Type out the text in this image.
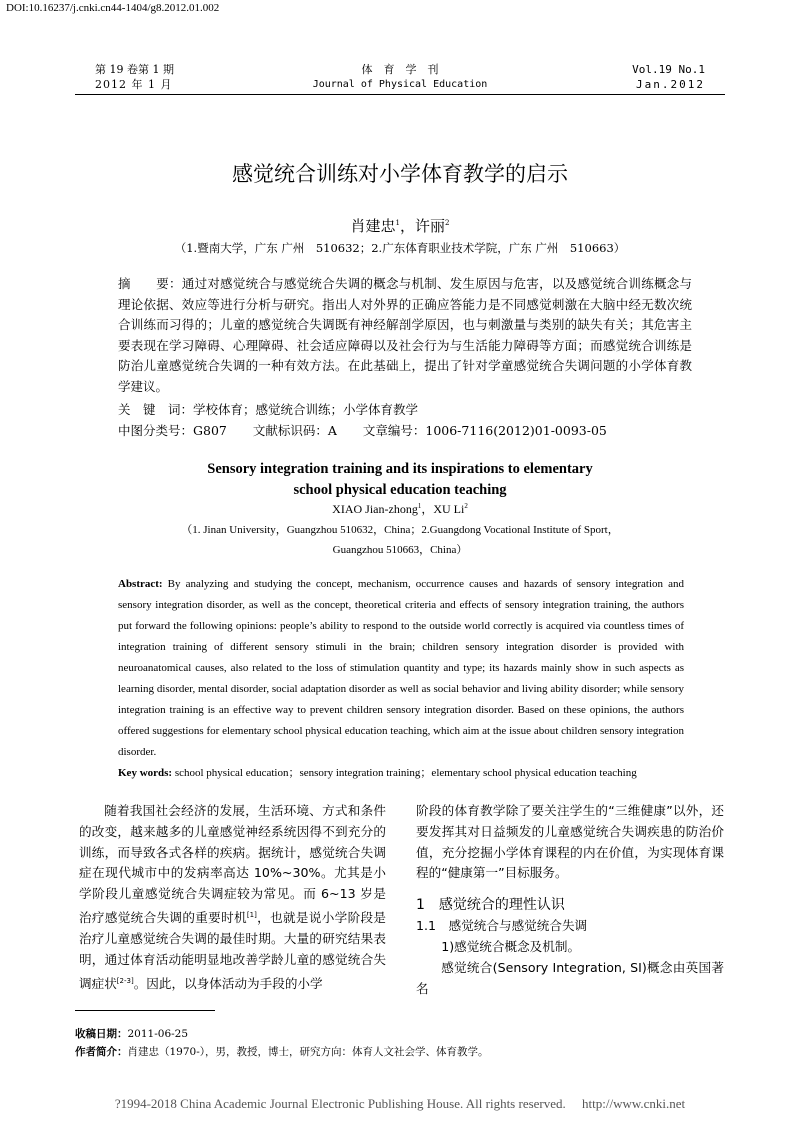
DOI:10.16237/j.cnki.cn44-1404/g8.2012.01.002
第 19 卷第 1 期
2012 年 1 月
体　育　学　刊
Journal of Physical Education
Vol.19 No.1
Jan.2012
感觉统合训练对小学体育教学的启示
肖建忠$^1$，许丽$^2$
（1.暨南大学，广东 广州　510632；2.广东体育职业技术学院，广东 广州　510663）
摘　　要：通过对感觉统合与感觉统合失调的概念与机制、发生原因与危害，以及感觉统合训练概念与理论依据、效应等进行分析与研究。指出人对外界的正确应答能力是不同感觉刺激在大脑中经无数次统合训练而习得的；儿童的感觉统合失调既有神经解剖学原因，也与刺激量与类别的缺失有关；其危害主要表现在学习障碍、心理障碍、社会适应障碍以及社会行为与生活能力障碍等方面；而感觉统合训练是防治儿童感觉统合失调的一种有效方法。在此基础上，提出了针对学童感觉统合失调问题的小学体育教学建议。
关　键　词：学校体育；感觉统合训练；小学体育教学
中图分类号：G807 文献标识码：A 文章编号：1006-7116(2012)01-0093-05
Sensory integration training and its inspirations to elementary
school physical education teaching
XIAO Jian-zhong$^1$，XU Li$^2$
（1. Jinan University，Guangzhou 510632，China；2.Guangdong Vocational Institute of Sport，
Guangzhou 510663，China）
Abstract: By analyzing and studying the concept, mechanism, occurrence causes and hazards of sensory integration and sensory integration disorder, as well as the concept, theoretical criteria and effects of sensory integration training, the authors put forward the following opinions: people’s ability to respond to the outside world correctly is acquired via countless times of integration training of different sensory stimuli in the brain; children sensory integration disorder is provided with neuroanatomical causes, also related to the loss of stimulation quantity and type; its hazards mainly show in such aspects as learning disorder, mental disorder, social adaptation disorder as well as social behavior and living ability disorder; while sensory integration training is an effective way to prevent children sensory integration disorder. Based on these opinions, the authors offered suggestions for elementary school physical education teaching, which aim at the issue about children sensory integration disorder.
Key words: school physical education；sensory integration training；elementary school physical education teaching

随着我国社会经济的发展，生活环境、方式和条件的改变，越来越多的儿童感觉神经系统因得不到充分的训练，而导致各式各样的疾病。据统计，感觉统合失调症在现代城市中的发病率高达 10%~30%。尤其是小学阶段儿童感觉统合失调症较为常见。而 6~13 岁是治疗感觉统合失调的重要时机[1]，也就是说小学阶段是治疗儿童感觉统合失调的最佳时期。大量的研究结果表明，通过体育活动能明显地改善学龄儿童的感觉统合失调症状[2-3]。因此，以身体活动为手段的小学

阶段的体育教学除了要关注学生的“三维健康”以外，还要发挥其对日益频发的儿童感觉统合失调疾患的防治价值，充分挖掘小学体育课程的内在价值，为实现体育课程的“健康第一”目标服务。

1　感觉统合的理性认识

1.1　感觉统合与感觉统合失调

1)感觉统合概念及机制。

感觉统合(Sensory Integration, SI)概念由英国著名

收稿日期：2011-06-25
作者简介：肖建忠（1970-），男，教授，博士，研究方向：体育人文社会学、体育教学。
?1994-2018 China Academic Journal Electronic Publishing House. All rights reserved.　 http://www.cnki.net
